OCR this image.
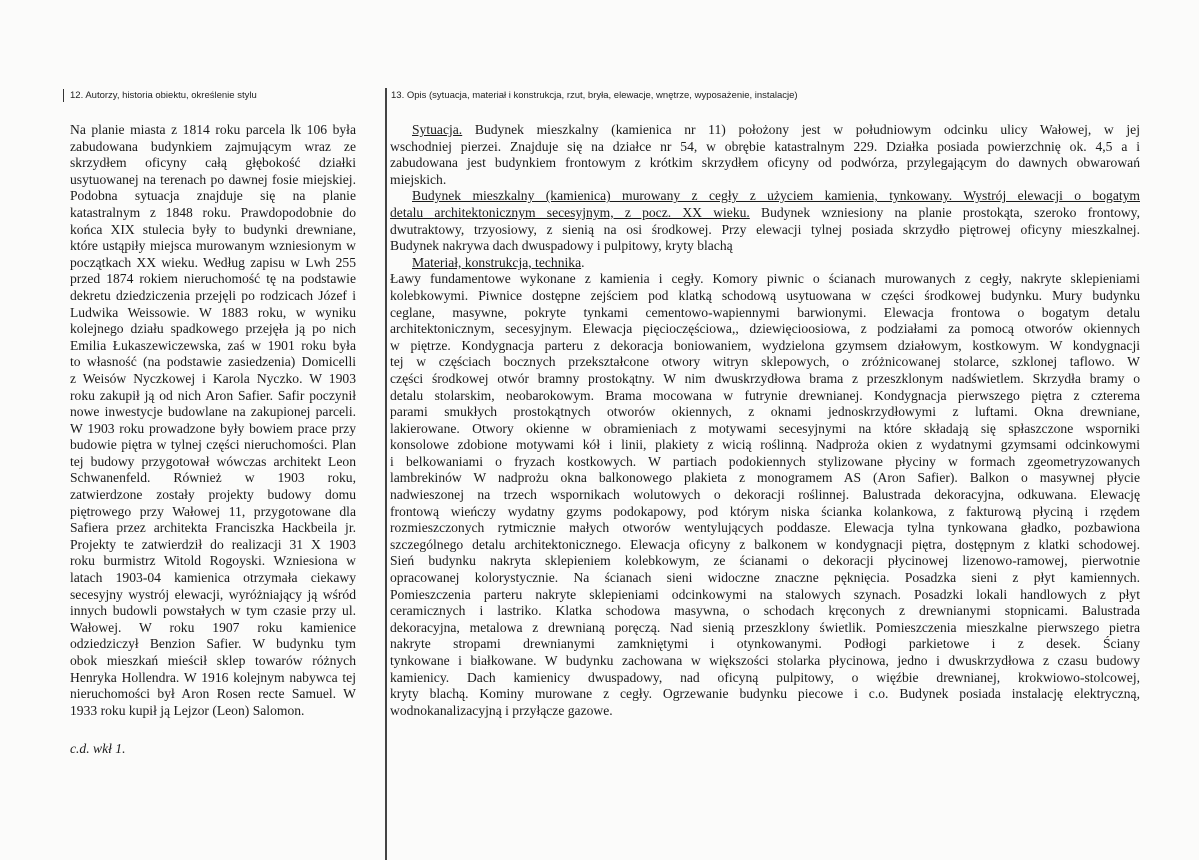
12. Autorzy, historia obiektu, określenie stylu	13. Opis (sytuacja, materiał i konstrukcja, rzut, bryła, elewacje, wnętrze, wyposażenie, instalacje)
Na planie miasta z 1814 roku parcela lk 106 była
zabudowana budynkiem zajmującym wraz ze
skrzydłem oficyny całą głębokość działki
usytuowanej na terenach po dawnej fosie miejskiej.
Podobna sytuacja znajduje się na planie
katastralnym z 1848 roku. Prawdopodobnie do
końca XIX stulecia były to budynki drewniane,
które ustąpiły miejsca murowanym wzniesionym w
początkach XX wieku. Według zapisu w Lwh 255
przed 1874 rokiem nieruchomość tę na podstawie
dekretu dziedziczenia przejęli po rodzicach Józef i
Ludwika Weissowie. W 1883 roku, w wyniku
kolejnego działu spadkowego przejęła ją po nich
Emilia Łukaszewiczewska, zaś w 1901 roku była
to własność (na podstawie zasiedzenia) Domicelli
z Weisów Nyczkowej i Karola Nyczko. W 1903
roku zakupił ją od nich Aron Safier. Safir poczynił
nowe inwestycje budowlane na zakupionej parceli.
W 1903 roku prowadzone były bowiem prace przy
budowie piętra w tylnej części nieruchomości. Plan
tej budowy przygotował wówczas architekt Leon
Schwanenfeld. Również w 1903 roku,
zatwierdzone zostały projekty budowy domu
piętrowego przy Wałowej 11, przygotowane dla
Safiera przez architekta Franciszka Hackbeila jr.
Projekty te zatwierdził do realizacji 31 X 1903
roku burmistrz Witold Rogoyski. Wzniesiona w
latach 1903-04 kamienica otrzymała ciekawy
secesyjny wystrój elewacji, wyróżniający ją wśród
innych budowli powstałych w tym czasie przy ul.
Wałowej. W roku 1907 roku kamienice
odziedziczył Benzion Safier. W budynku tym
obok mieszkań mieścił sklep towarów różnych
Henryka Hollendra. W 1916 kolejnym nabywca tej
nieruchomości był Aron Rosen recte Samuel. W
1933 roku kupił ją Lejzor (Leon) Salomon.
c.d. wkł 1.
Sytuacja. Budynek mieszkalny (kamienica nr 11) położony jest w południowym odcinku ulicy Wałowej, w jej
wschodniej pierzei. Znajduje się na działce nr 54, w obrębie katastralnym 229. Działka posiada powierzchnię ok. 4,5 a i
zabudowana jest budynkiem frontowym z krótkim skrzydłem oficyny od podwórza, przylegającym do dawnych obwarowań
miejskich.
Budynek mieszkalny (kamienica) murowany z cegły z użyciem kamienia, tynkowany. Wystrój elewacji o bogatym
detalu architektonicznym secesyjnym, z pocz. XX wieku. Budynek wzniesiony na planie prostokąta, szeroko frontowy,
dwutraktowy, trzyosiowy, z sienią na osi środkowej. Przy elewacji tylnej posiada skrzydło piętrowej oficyny mieszkalnej.
Budynek nakrywa dach dwuspadowy i pulpitowy, kryty blachą
Materiał, konstrukcja, technika.
Ławy fundamentowe wykonane z kamienia i cegły. Komory piwnic o ścianach murowanych z cegły, nakryte sklepieniami
kolebkowymi. Piwnice dostępne zejściem pod klatką schodową usytuowana w części środkowej budynku. Mury budynku
ceglane, masywne, pokryte tynkami cementowo-wapiennymi barwionymi. Elewacja frontowa o bogatym detalu
architektonicznym, secesyjnym. Elewacja pięcioczęściowa,, dziewięcioosiowa, z podziałami za pomocą otworów okiennych
w piętrze. Kondygnacja parteru z dekoracja boniowaniem, wydzielona gzymsem działowym, kostkowym. W kondygnacji
tej w częściach bocznych przekształcone otwory witryn sklepowych, o zróżnicowanej stolarce, szklonej taflowo. W
części środkowej otwór bramny prostokątny. W nim dwuskrzydłowa brama z przeszklonym nadświetlem. Skrzydła bramy o
detalu stolarskim, neobarokowym. Brama mocowana w futrynie drewnianej. Kondygnacja pierwszego piętra z czterema
parami smukłych prostokątnych otworów okiennych, z oknami jednoskrzydłowymi z luftami. Okna drewniane,
lakierowane. Otwory okienne w obramieniach z motywami secesyjnymi na które składają się spłaszczone wsporniki
konsolowe zdobione motywami kół i linii, plakiety z wicią roślinną. Nadproża okien z wydatnymi gzymsami odcinkowymi
i belkowaniami o fryzach kostkowych. W partiach podokiennych stylizowane płyciny w formach zgeometryzowanych
lambrekinów W nadprożu okna balkonowego plakieta z monogramem AS (Aron Safier). Balkon o masywnej płycie
nadwieszonej na trzech wspornikach wolutowych o dekoracji roślinnej. Balustrada dekoracyjna, odkuwana. Elewację
frontową wieńczy wydatny gzyms podokapowy, pod którym niska ścianka kolankowa, z fakturową płyciną i rzędem
rozmieszczonych rytmicznie małych otworów wentylujących poddasze. Elewacja tylna tynkowana gładko, pozbawiona
szczególnego detalu architektonicznego. Elewacja oficyny z balkonem w kondygnacji piętra, dostępnym z klatki schodowej.
Sień budynku nakryta sklepieniem kolebkowym, ze ścianami o dekoracji płycinowej lizenowo-ramowej, pierwotnie
opracowanej kolorystycznie. Na ścianach sieni widoczne znaczne pęknięcia. Posadzka sieni z płyt kamiennych.
Pomieszczenia parteru nakryte sklepieniami odcinkowymi na stalowych szynach. Posadzki lokali handlowych z płyt
ceramicznych i lastriko. Klatka schodowa masywna, o schodach kręconych z drewnianymi stopnicami. Balustrada
dekoracyjna, metalowa z drewnianą poręczą. Nad sienią przeszklony świetlik. Pomieszczenia mieszkalne pierwszego pietra
nakryte stropami drewnianymi zamkniętymi i otynkowanymi. Podłogi parkietowe i z desek. Ściany
tynkowane i białkowane. W budynku zachowana w większości stolarka płycinowa, jedno i dwuskrzydłowa z czasu budowy
kamienicy. Dach kamienicy dwuspadowy, nad oficyną pulpitowy, o więźbie drewnianej, krokwiowo-stolcowej,
kryty blachą. Kominy murowane z cegły. Ogrzewanie budynku piecowe i c.o. Budynek posiada instalację elektryczną,
wodnokanalizacyjną i przyłącze gazowe.
